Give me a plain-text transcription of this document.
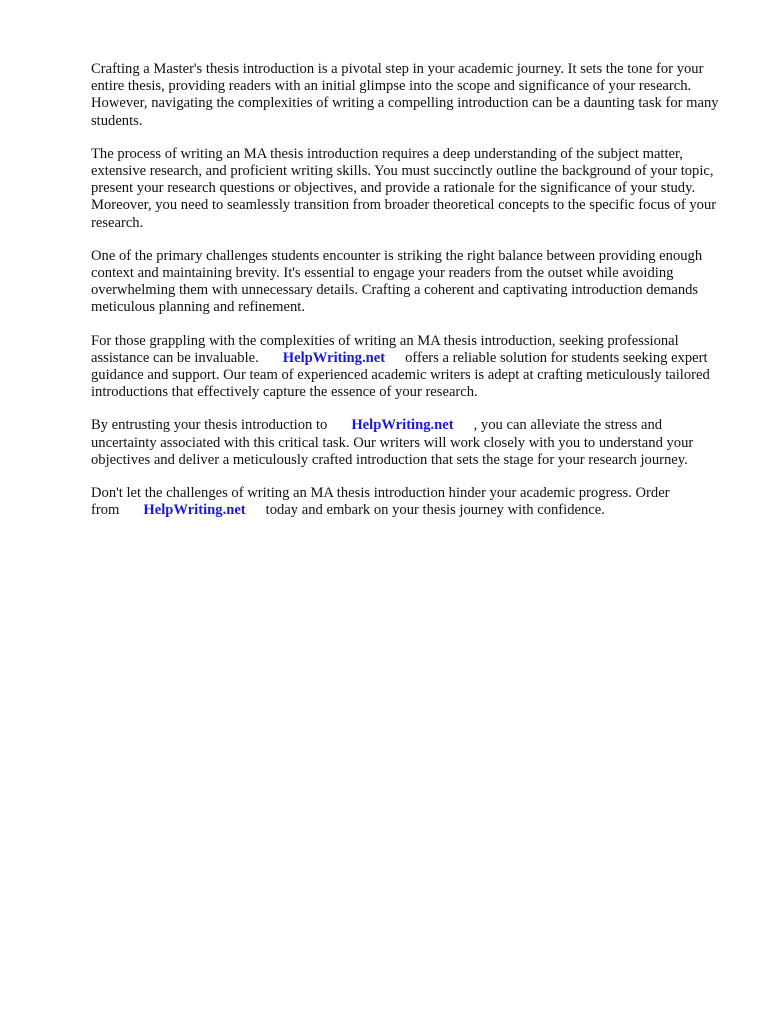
Crafting a Master's thesis introduction is a pivotal step in your academic journey. It sets the tone for your entire thesis, providing readers with an initial glimpse into the scope and significance of your research. However, navigating the complexities of writing a compelling introduction can be a daunting task for many students.

The process of writing an MA thesis introduction requires a deep understanding of the subject matter, extensive research, and proficient writing skills. You must succinctly outline the background of your topic, present your research questions or objectives, and provide a rationale for the significance of your study. Moreover, you need to seamlessly transition from broader theoretical concepts to the specific focus of your research.

One of the primary challenges students encounter is striking the right balance between providing enough context and maintaining brevity. It's essential to engage your readers from the outset while avoiding overwhelming them with unnecessary details. Crafting a coherent and captivating introduction demands meticulous planning and refinement.

For those grappling with the complexities of writing an MA thesis introduction, seeking professional assistance can be invaluable. HelpWriting.net offers a reliable solution for students seeking expert guidance and support. Our team of experienced academic writers is adept at crafting meticulously tailored introductions that effectively capture the essence of your research.

By entrusting your thesis introduction to HelpWriting.net , you can alleviate the stress and uncertainty associated with this critical task. Our writers will work closely with you to understand your objectives and deliver a meticulously crafted introduction that sets the stage for your research journey.

Don't let the challenges of writing an MA thesis introduction hinder your academic progress. Order from HelpWriting.net today and embark on your thesis journey with confidence.
